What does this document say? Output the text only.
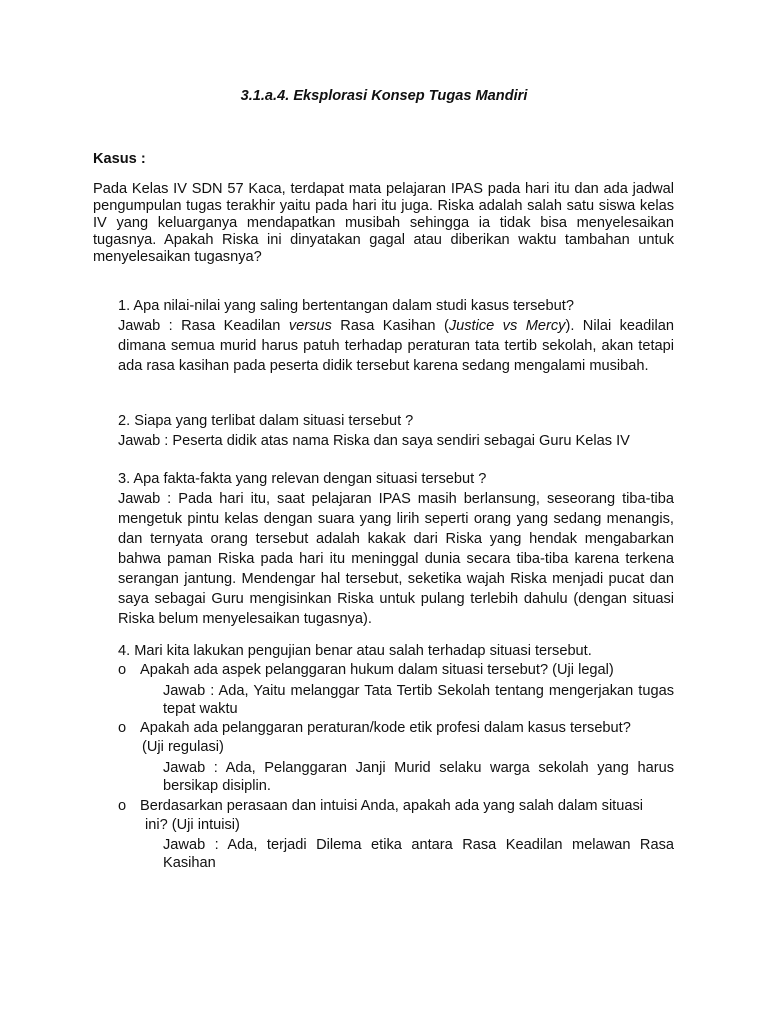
3.1.a.4. Eksplorasi Konsep Tugas Mandiri
Kasus :
Pada Kelas IV SDN 57 Kaca, terdapat mata pelajaran IPAS pada hari itu dan ada jadwal pengumpulan tugas terakhir yaitu pada hari itu juga. Riska adalah salah satu siswa kelas IV yang keluarganya mendapatkan musibah sehingga ia tidak bisa menyelesaikan tugasnya. Apakah Riska ini dinyatakan gagal atau diberikan waktu tambahan untuk menyelesaikan tugasnya?
1. Apa nilai-nilai yang saling bertentangan dalam studi kasus tersebut?
Jawab : Rasa Keadilan versus Rasa Kasihan (Justice vs Mercy). Nilai keadilan dimana semua murid harus patuh terhadap peraturan tata tertib sekolah, akan tetapi ada rasa kasihan pada peserta didik tersebut karena sedang mengalami musibah.
2. Siapa yang terlibat dalam situasi tersebut ?
Jawab : Peserta didik atas nama Riska dan saya sendiri sebagai Guru Kelas IV
3. Apa fakta-fakta yang relevan dengan situasi tersebut ?
Jawab : Pada hari itu, saat pelajaran IPAS masih berlansung, seseorang tiba-tiba mengetuk pintu kelas dengan suara yang lirih seperti orang yang sedang menangis, dan ternyata orang tersebut adalah kakak dari Riska yang hendak mengabarkan bahwa paman Riska pada hari itu meninggal dunia secara tiba-tiba karena terkena serangan jantung. Mendengar hal tersebut, seketika wajah Riska menjadi pucat dan saya sebagai Guru mengisinkan Riska untuk pulang terlebih dahulu (dengan situasi Riska belum menyelesaikan tugasnya).
4. Mari kita lakukan pengujian benar atau salah terhadap situasi tersebut.
o Apakah ada aspek pelanggaran hukum dalam situasi tersebut? (Uji legal)
Jawab : Ada, Yaitu melanggar Tata Tertib Sekolah tentang mengerjakan tugas tepat waktu
o Apakah ada pelanggaran peraturan/kode etik profesi dalam kasus tersebut?
(Uji regulasi)
Jawab : Ada, Pelanggaran Janji Murid selaku warga sekolah yang harus bersikap disiplin.
o Berdasarkan perasaan dan intuisi Anda, apakah ada yang salah dalam situasi
ini? (Uji intuisi)
Jawab : Ada, terjadi Dilema etika antara Rasa Keadilan melawan Rasa Kasihan
